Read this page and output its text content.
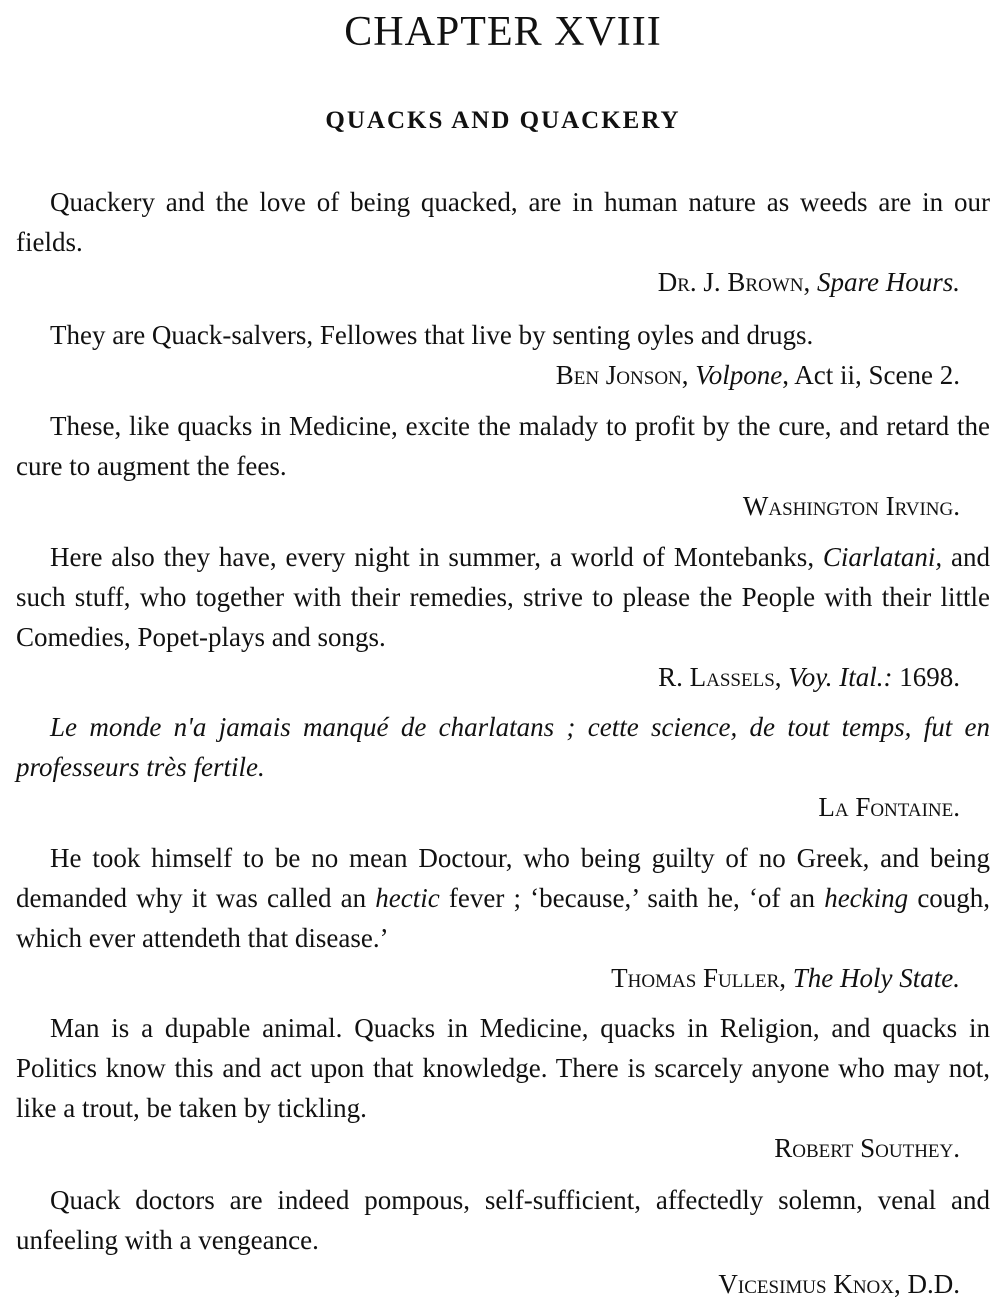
CHAPTER XVIII
QUACKS AND QUACKERY
Quackery and the love of being quacked, are in human nature as weeds are in our fields.
Dr. J. Brown, Spare Hours.
They are Quack-salvers, Fellowes that live by senting oyles and drugs.
Ben Jonson, Volpone, Act ii, Scene 2.
These, like quacks in Medicine, excite the malady to profit by the cure, and retard the cure to augment the fees.
Washington Irving.
Here also they have, every night in summer, a world of Montebanks, Ciarlatani, and such stuff, who together with their remedies, strive to please the People with their little Comedies, Popet-plays and songs.
R. Lassels, Voy. Ital.: 1698.
Le monde n'a jamais manqué de charlatans ; cette science, de tout temps, fut en professeurs très fertile.
La Fontaine.
He took himself to be no mean Doctour, who being guilty of no Greek, and being demanded why it was called an hectic fever ; ‘because,’ saith he, ‘of an hecking cough, which ever attendeth that disease.’
Thomas Fuller, The Holy State.
Man is a dupable animal. Quacks in Medicine, quacks in Religion, and quacks in Politics know this and act upon that knowledge. There is scarcely anyone who may not, like a trout, be taken by tickling.
Robert Southey.
Quack doctors are indeed pompous, self-sufficient, affectedly solemn, venal and unfeeling with a vengeance.
Vicesimus Knox, D.D.
